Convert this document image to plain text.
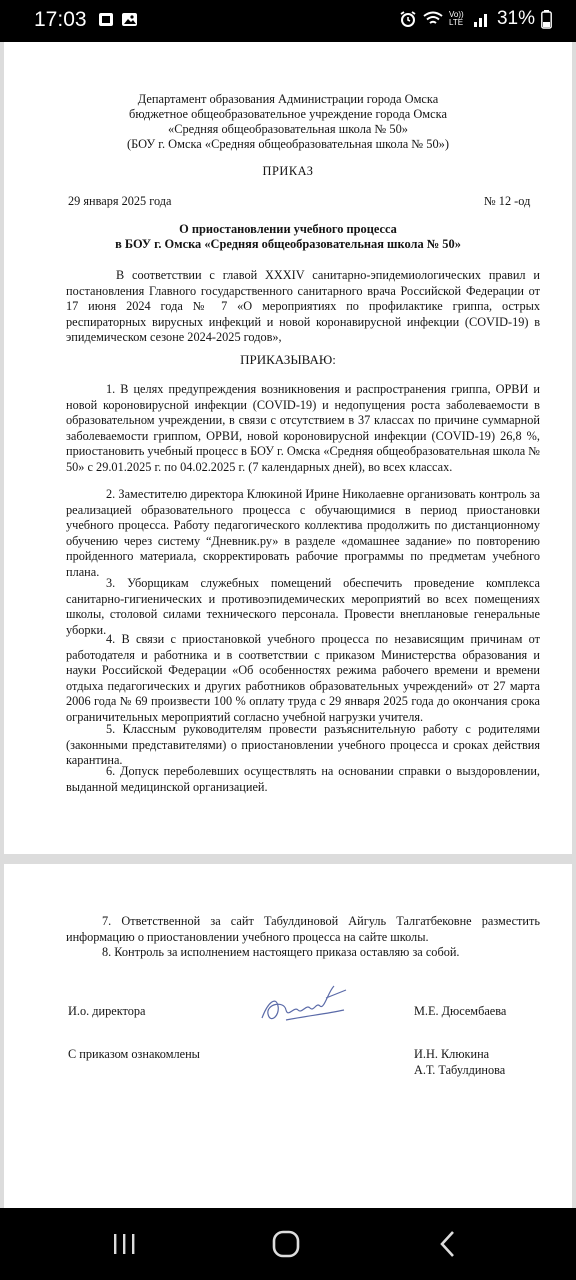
17:03	Vo)) LTE 31%
Департамент образования Администрации города Омска
бюджетное общеобразовательное учреждение города Омска
«Средняя общеобразовательная школа № 50»
(БОУ г. Омска «Средняя общеобразовательная школа № 50»)
ПРИКАЗ
29 января 2025 года	№ 12 -од
О приостановлении учебного процесса
в БОУ г. Омска «Средняя общеобразовательная школа № 50»
В соответствии с главой XXXIV санитарно-эпидемиологических правил и постановления Главного государственного санитарного врача Российской Федерации от 17 июня 2024 года № 7 «О мероприятиях по профилактике гриппа, острых респираторных вирусных инфекций и новой коронавирусной инфекции (COVID-19) в эпидемическом сезоне 2024-2025 годов»,
ПРИКАЗЫВАЮ:
1. В целях предупреждения возникновения и распространения гриппа, ОРВИ и новой короновирусной инфекции (COVID-19) и недопущения роста заболеваемости в образовательном учреждении, в связи с отсутствием в 37 классах по причине суммарной заболеваемости гриппом, ОРВИ, новой короновирусной инфекции (COVID-19) 26,8 %, приостановить учебный процесс в БОУ г. Омска «Средняя общеобразовательная школа № 50» с 29.01.2025 г. по 04.02.2025 г. (7 календарных дней), во всех классах.
2. Заместителю директора Клюкиной Ирине Николаевне организовать контроль за реализацией образовательного процесса с обучающимися в период приостановки учебного процесса. Работу педагогического коллектива продолжить по дистанционному обучению через систему “Дневник.ру» в разделе «домашнее задание» по повторению пройденного материала, скорректировать рабочие программы по предметам учебного плана.
3. Уборщикам служебных помещений обеспечить проведение комплекса санитарно-гигиенических и противоэпидемических мероприятий во всех помещениях школы, столовой силами технического персонала. Провести внеплановые генеральные уборки.
4. В связи с приостановкой учебного процесса по независящим причинам от работодателя и работника и в соответствии с приказом Министерства образования и науки Российской Федерации «Об особенностях режима рабочего времени и времени отдыха педагогических и других работников образовательных учреждений» от 27 марта 2006 года № 69 произвести 100 % оплату труда с 29 января 2025 года до окончания срока ограничительных мероприятий согласно учебной нагрузки учителя.
5. Классным руководителям провести разъяснительную работу с родителями (законными представителями) о приостановлении учебного процесса и сроках действия карантина.
6. Допуск переболевших осуществлять на основании справки о выздоровлении, выданной медицинской организацией.
7. Ответственной за сайт Табулдиновой Айгуль Талгатбековне разместить информацию о приостановлении учебного процесса на сайте школы.
8. Контроль за исполнением настоящего приказа оставляю за собой.
И.о. директора	М.Е. Дюсембаева
С приказом ознакомлены	И.Н. Клюкина
А.Т. Табулдинова
